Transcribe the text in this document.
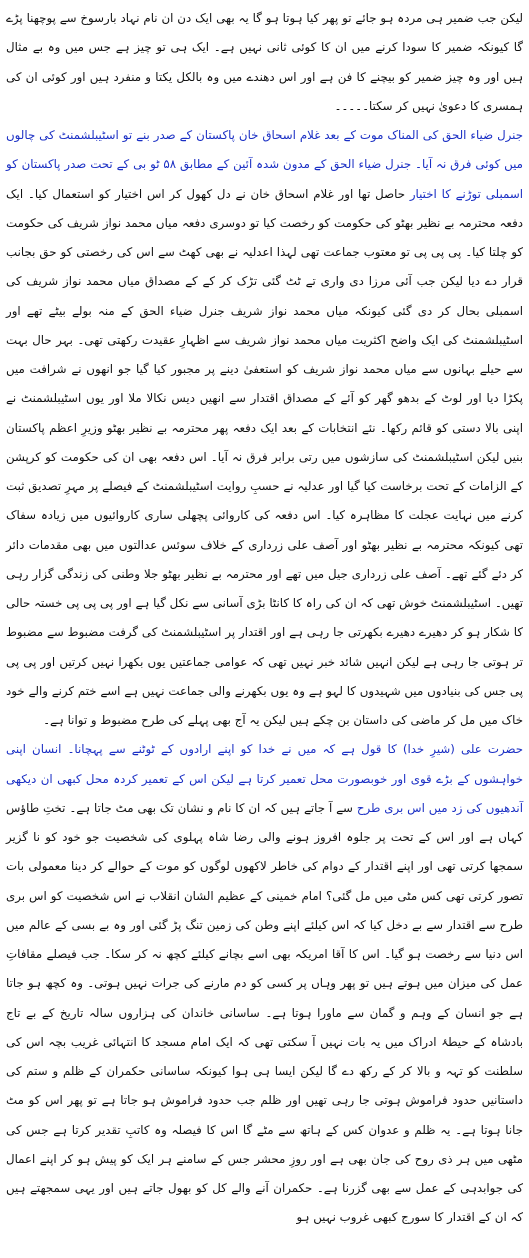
لیکن جب ضمیر ہی مردہ ہو جائے تو پھر کیا ہوتا ہو گا یہ بھی ایک دن ان نام نہاد بارسوخ سے پوچھنا پڑے گا کیونکہ ضمیر کا سودا کرنے میں ان کا کوئی ثانی نہیں ہے۔ ایک ہی تو چیز ہے جس میں وہ بے مثال ہیں اور وہ چیز ضمیر کو بیچنے کا فن ہے اور اس دھندے میں وہ بالکل یکتا و منفرد ہیں اور کوئی ان کی ہمسری کا دعویٰ نہیں کر سکتا۔۔۔۔۔

جنرل ضیاء الحق کی المناک موت کے بعد غلام اسحاق خان پاکستان کے صدر بنے تو اسٹیبلشمنٹ کی چالوں میں کوئی فرق نہ آیا۔ جنرل ضیاء الحق کے مدون شدہ آئین کے مطابق ۵۸ ٹو بی کے تحت صدر پاکستان کو اسمبلی توڑنے کا اختیار حاصل تھا اور غلام اسحاق خان نے دل کھول کر اس اختیار کو استعمال کیا۔ ایک دفعہ محترمہ بے نظیر بھٹو کی حکومت کو رخصت کیا تو دوسری دفعہ میاں محمد نواز شریف کی حکومت کو چلتا کیا۔ پی پی پی تو معتوب جماعت تھی لہذا اعدلیہ نے بھی کھٹ سے اس کی رخصتی کو حق بجانب قرار دے دیا لیکن جب آئی مرزا دی واری تے ٹٹ گئی تڑک کر کے کے مصداق میاں محمد نواز شریف کی اسمبلی بحال کر دی گئی کیونکہ میاں محمد نواز شریف جنرل ضیاء الحق کے منہ بولے بیٹے تھے اور اسٹیبلشمنٹ کی ایک واضح اکثریت میاں محمد نواز شریف سے اظہارِ عقیدت رکھتی تھی۔ بہر حال بہت سے حیلے بہانوں سے میاں محمد نواز شریف کو استعفیٰ دینے پر مجبور کیا گیا جو انھوں نے شرافت میں پکڑا دیا اور لوٹ کے بدھو گھر کو آئے کے مصداق اقتدار سے انھیں دیس نکالا ملا اور یوں اسٹیبلشمنٹ نے اپنی بالا دستی کو قائم رکھا۔ نئے انتخابات کے بعد ایک دفعہ پھر محترمہ بے نظیر بھٹو وزیرِ اعظم پاکستان بنیں لیکن اسٹیبلشمنٹ کی سازشوں میں رتی برابر فرق نہ آیا۔ اس دفعہ بھی ان کی حکومت کو کرپشن کے الزامات کے تحت برخاست کیا گیا اور عدلیہ نے حسبِ روایت اسٹیبلشمنٹ کے فیصلے پر مہرِ تصدیق ثبت کرنے میں نہایت عجلت کا مظاہرہ کیا۔ اس دفعہ کی کاروائی پچھلی ساری کاروائیوں میں زیادہ سفاک تھی کیونکہ محترمہ بے نظیر بھٹو اور آصف علی زرداری کے خلاف سوئس عدالتوں میں بھی مقدمات دائر کر دئے گئے تھے۔ آصف علی زرداری جیل میں تھے اور محترمہ بے نظیر بھٹو جلا وطنی کی زندگی گزار رہی تھیں۔ اسٹیبلشمنٹ خوش تھی کہ ان کی راہ کا کانٹا بڑی آسانی سے نکل گیا ہے اور پی پی پی خستہ حالی کا شکار ہو کر دھیرے دھیرے بکھرتی جا رہی ہے اور اقتدار پر اسٹیبلشمنٹ کی گرفت مضبوط سے مضبوط تر ہوتی جا رہی ہے لیکن انہیں شائد خبر نہیں تھی کہ عوامی جماعتیں یوں بکھرا نہیں کرتیں اور پی پی پی جس کی بنیادوں میں شہیدوں کا لہو ہے وہ یوں بکھرنے والی جماعت نہیں ہے اسے ختم کرنے والے خود خاک میں مل کر ماضی کی داستان بن چکے ہیں لیکن یہ آج بھی پہلے کی طرح مضبوط و توانا ہے۔

حضرت علی (شیرِ خدا) کا قول ہے کہ میں نے خدا کو اپنے ارادوں کے ٹوٹنے سے پہچانا۔ انسان اپنی خواہشوں کے بڑے قوی اور خوبصورت محل تعمیر کرتا ہے لیکن اس کے تعمیر کردہ محل کبھی ان دیکھی آندھیوں کی زد میں اس بری طرح سے آ جاتے ہیں کہ ان کا نام و نشان تک بھی مٹ جاتا ہے۔ تختِ طاؤس کہاں ہے اور اس کے تحت پر جلوہ افروز ہونے والی رضا شاہ پہلوی کی شخصیت جو خود کو نا گزیر سمجھا کرتی تھی اور اپنے اقتدار کے دوام کی خاطر لاکھوں لوگوں کو موت کے حوالے کر دینا معمولی بات تصور کرتی تھی کس مٹی میں مل گئی؟ امام خمینی کے عظیم الشان انقلاب نے اس شخصیت کو اس بری طرح سے اقتدار سے بے دخل کیا کہ اس کیلئے اپنے وطن کی زمین تنگ پڑ گئی اور وہ بے بسی کے عالم میں اس دنیا سے رخصت ہو گیا۔ اس کا آقا امریکہ بھی اسے بچانے کیلئے کچھ نہ کر سکا۔ جب فیصلے مقافاتِ عمل کی میزان میں ہوتے ہیں تو پھر وہاں پر کسی کو دم مارنے کی جرات نہیں ہوتی۔ وہ کچھ ہو جاتا ہے جو انسان کے وہم و گمان سے ماورا ہوتا ہے۔ ساسانی خاندان کی ہزاروں سالہ تاریخ کے بے تاج بادشاہ کے حیطۂ ادراک میں یہ بات نہیں آ سکتی تھی کہ ایک امام مسجد کا انتہائی غریب بچہ اس کی سلطنت کو تہہ و بالا کر کے رکھ دے گا لیکن ایسا ہی ہوا کیونکہ ساسانی حکمران کے ظلم و ستم کی داستانیں حدود فراموش ہوتی جا رہی تھیں اور ظلم جب حدود فراموش ہو جاتا ہے تو پھر اس کو مٹ جانا ہوتا ہے۔ یہ ظلم و عدوان کس کے ہاتھ سے مٹے گا اس کا فیصلہ وہ کاتبِ تقدیر کرتا ہے جس کی مٹھی میں ہر ذی روح کی جان بھی ہے اور روزِ محشر جس کے سامنے ہر ایک کو پیش ہو کر اپنے اعمال کی جوابدہی کے عمل سے بھی گزرنا ہے۔ حکمران آنے والے کل کو بھول جاتے ہیں اور یہی سمجھتے ہیں کہ ان کے اقتدار کا سورج کبھی غروب نہیں ہو
